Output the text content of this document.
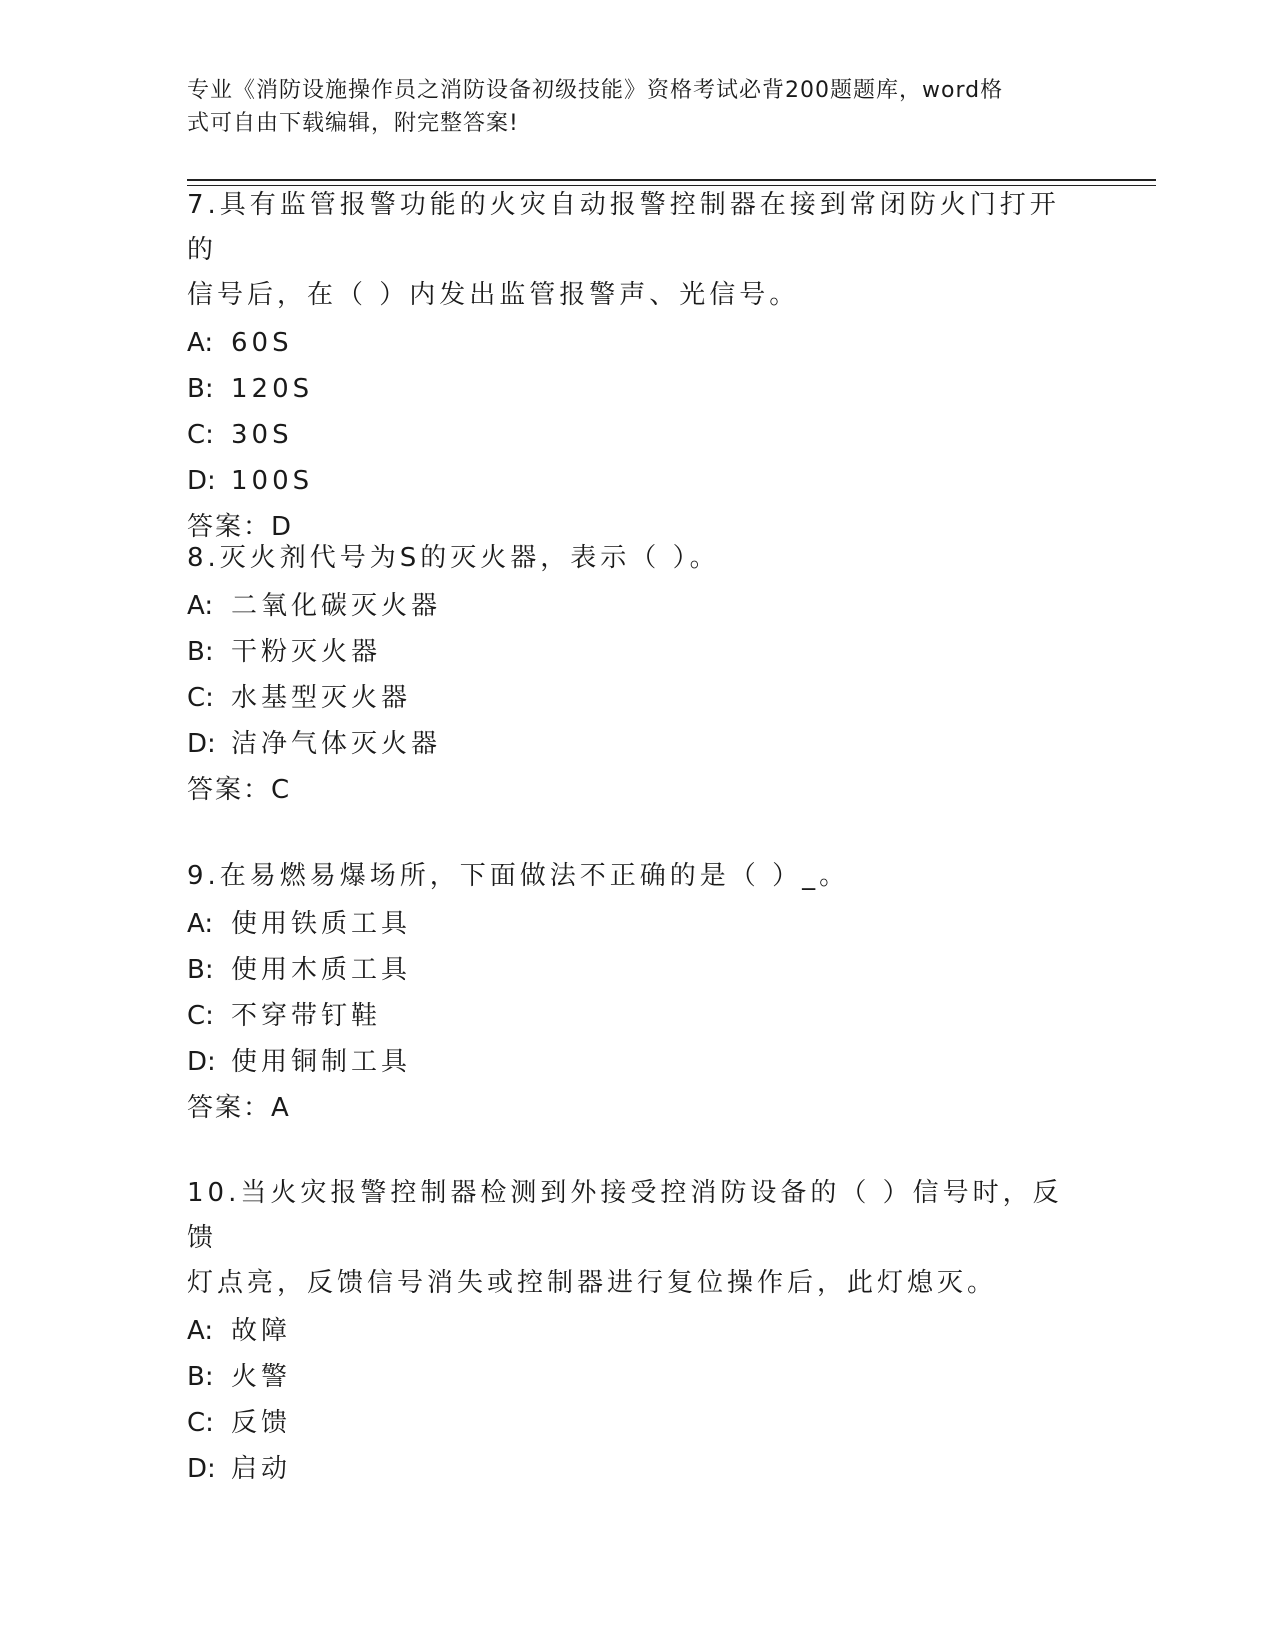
专业《消防设施操作员之消防设备初级技能》资格考试必背200题题库，word格
式可自由下载编辑，附完整答案!
7.具有监管报警功能的火灾自动报警控制器在接到常闭防火门打开的
信号后，在（ ）内发出监管报警声、光信号。
A: 60S
B: 120S
C: 30S
D: 100S
答案：D
8.灭火剂代号为S的灭火器，表示（ ）。
A: 二氧化碳灭火器
B: 干粉灭火器
C: 水基型灭火器
D: 洁净气体灭火器
答案：C
9.在易燃易爆场所，下面做法不正确的是（ ）_。
A: 使用铁质工具
B: 使用木质工具
C: 不穿带钉鞋
D: 使用铜制工具
答案：A
10.当火灾报警控制器检测到外接受控消防设备的（ ）信号时，反馈
灯点亮，反馈信号消失或控制器进行复位操作后，此灯熄灭。
A: 故障
B: 火警
C: 反馈
D: 启动
